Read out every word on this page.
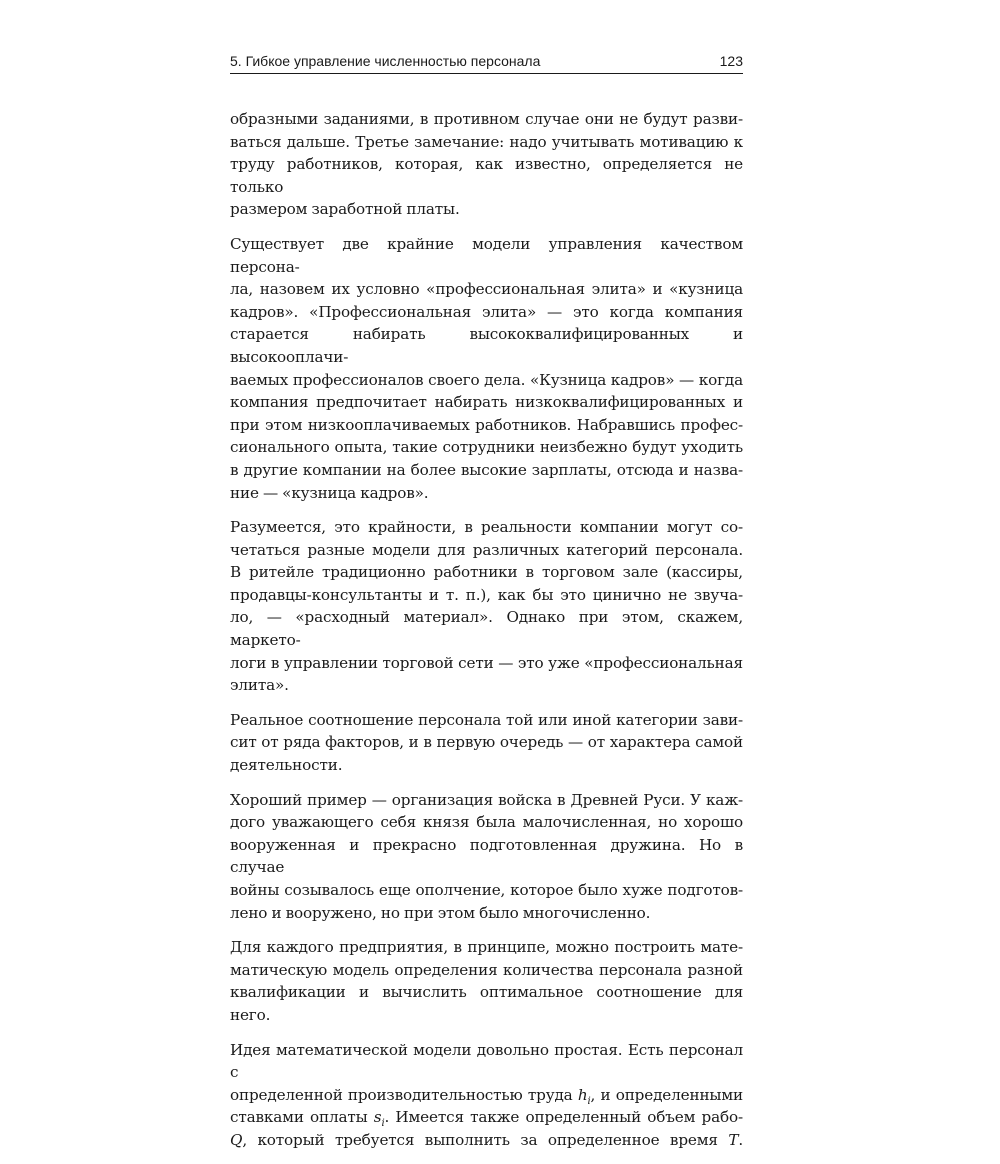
5. Гибкое управление численностью персонала	123

образными заданиями, в противном случае они не будут разви-
ваться дальше. Третье замечание: надо учитывать мотивацию к
труду работников, которая, как известно, определяется не только
размером заработной платы.

Существует две крайние модели управления качеством персона-
ла, назовем их условно «профессиональная элита» и «кузница
кадров». «Профессиональная элита» — это когда компания
старается набирать высококвалифицированных и высокооплачи-
ваемых профессионалов своего дела. «Кузница кадров» — когда
компания предпочитает набирать низкоквалифицированных и
при этом низкооплачиваемых работников. Набравшись профес-
сионального опыта, такие сотрудники неизбежно будут уходить
в другие компании на более высокие зарплаты, отсюда и назва-
ние — «кузница кадров».

Разумеется, это крайности, в реальности компании могут со-
четаться разные модели для различных категорий персонала.
В ритейле традиционно работники в торговом зале (кассиры,
продавцы-консультанты и т. п.), как бы это цинично не звуча-
ло, — «расходный материал». Однако при этом, скажем, маркето-
логи в управлении торговой сети — это уже «профессиональная
элита».

Реальное соотношение персонала той или иной категории зави-
сит от ряда факторов, и в первую очередь — от характера самой
деятельности.

Хороший пример — организация войска в Древней Руси. У каж-
дого уважающего себя князя была малочисленная, но хорошо
вооруженная и прекрасно подготовленная дружина. Но в случае
войны созывалось еще ополчение, которое было хуже подготов-
лено и вооружено, но при этом было многочисленно.

Для каждого предприятия, в принципе, можно построить мате-
матическую модель определения количества персонала разной
квалификации и вычислить оптимальное соотношение для
него.

Идея математической модели довольно простая. Есть персонал с
определенной производительностью труда $h_i$, и определенными
ставками оплаты $s_i$. Имеется также определенный объем рабо-
Q, который требуется выполнить за определенное время T.
